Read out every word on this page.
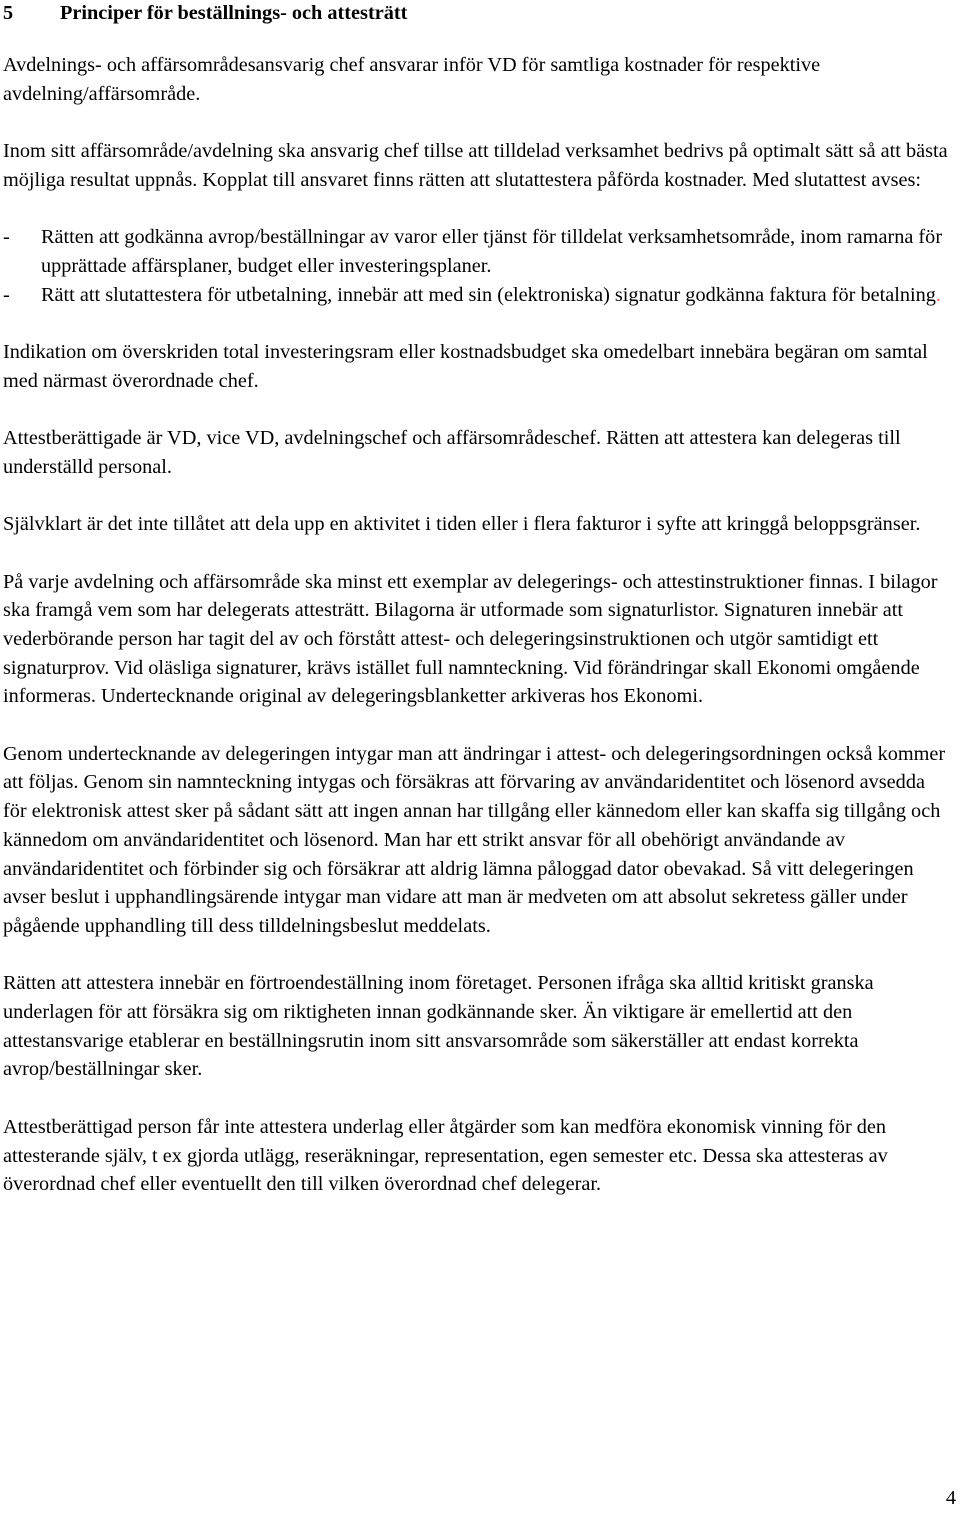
5	Principer för beställnings- och attesträtt

Avdelnings- och affärsområdesansvarig chef ansvarar inför VD för samtliga kostnader för respektive avdelning/affärsområde.

Inom sitt affärsområde/avdelning ska ansvarig chef tillse att tilldelad verksamhet bedrivs på optimalt sätt så att bästa möjliga resultat uppnås. Kopplat till ansvaret finns rätten att slutattestera påförda kostnader. Med slutattest avses:

-	Rätten att godkänna avrop/beställningar av varor eller tjänst för tilldelat verksamhetsområde, inom ramarna för upprättade affärsplaner, budget eller investeringsplaner.
-	Rätt att slutattestera för utbetalning, innebär att med sin (elektroniska) signatur godkänna faktura för betalning.

Indikation om överskriden total investeringsram eller kostnadsbudget ska omedelbart innebära begäran om samtal med närmast överordnade chef.

Attestberättigade är VD, vice VD, avdelningschef och affärsområdeschef. Rätten att attestera kan delegeras till underställd personal.

Självklart är det inte tillåtet att dela upp en aktivitet i tiden eller i flera fakturor i syfte att kringgå beloppsgränser.

På varje avdelning och affärsområde ska minst ett exemplar av delegerings- och attestinstruktioner finnas. I bilagor ska framgå vem som har delegerats attesträtt. Bilagorna är utformade som signaturlistor. Signaturen innebär att vederbörande person har tagit del av och förstått attest- och delegeringsinstruktionen och utgör samtidigt ett signaturprov. Vid oläsliga signaturer, krävs istället full namnteckning. Vid förändringar skall Ekonomi omgående informeras. Undertecknande original av delegeringsblanketter arkiveras hos Ekonomi.

Genom undertecknande av delegeringen intygar man att ändringar i attest- och delegeringsordningen också kommer att följas. Genom sin namnteckning intygas och försäkras att förvaring av användaridentitet och lösenord avsedda för elektronisk attest sker på sådant sätt att ingen annan har tillgång eller kännedom eller kan skaffa sig tillgång och kännedom om användaridentitet och lösenord. Man har ett strikt ansvar för all obehörigt användande av användaridentitet och förbinder sig och försäkrar att aldrig lämna påloggad dator obevakad. Så vitt delegeringen avser beslut i upphandlingsärende intygar man vidare att man är medveten om att absolut sekretess gäller under pågående upphandling till dess tilldelningsbeslut meddelats.

Rätten att attestera innebär en förtroendeställning inom företaget. Personen ifråga ska alltid kritiskt granska underlagen för att försäkra sig om riktigheten innan godkännande sker. Än viktigare är emellertid att den attestansvarige etablerar en beställningsrutin inom sitt ansvarsområde som säkerställer att endast korrekta avrop/beställningar sker.

Attestberättigad person får inte attestera underlag eller åtgärder som kan medföra ekonomisk vinning för den attesterande själv, t ex gjorda utlägg, reseräkningar, representation, egen semester etc. Dessa ska attesteras av överordnad chef eller eventuellt den till vilken överordnad chef delegerar.

4
